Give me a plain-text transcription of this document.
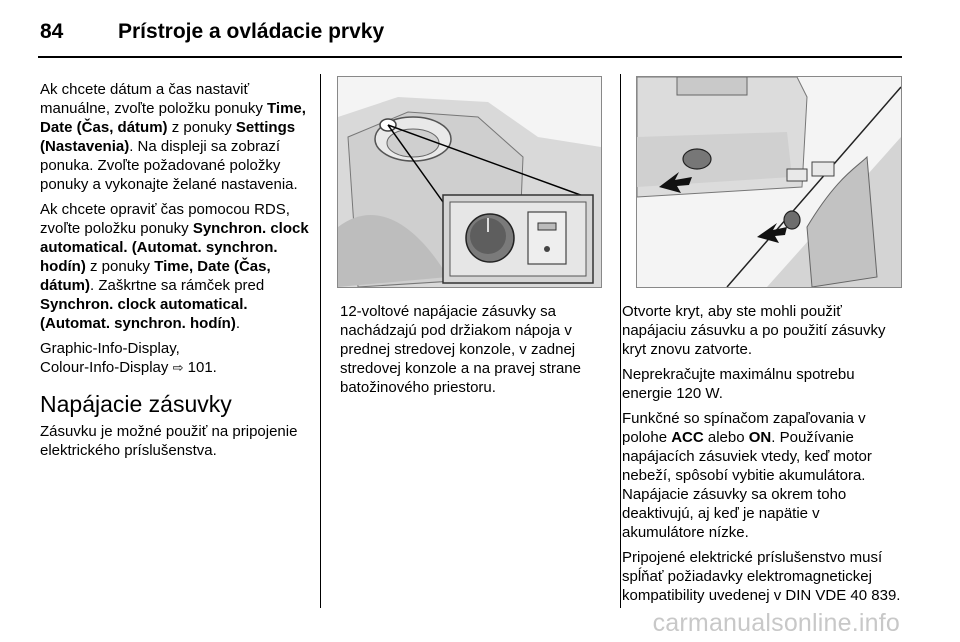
84	Prístroje a ovládacie prvky

Ak chcete dátum a čas nastaviť manuálne, zvoľte položku ponuky Time, Date (Čas, dátum) z ponuky Settings (Nastavenia). Na displeji sa zobrazí ponuka. Zvoľte požadované položky ponuky a vykonajte želané nastavenia.

Ak chcete opraviť čas pomocou RDS, zvoľte položku ponuky Synchron. clock automatical. (Automat. synchron. hodín) z ponuky Time, Date (Čas, dátum). Zaškrtne sa rámček pred Synchron. clock automatical. (Automat. synchron. hodín).

Graphic-Info-Display,
Colour-Info-Display ⇨ 101.

Napájacie zásuvky

Zásuvku je možné použiť na pripojenie elektrického príslušenstva.

12-voltové napájacie zásuvky sa nachádzajú pod držiakom nápoja v prednej stredovej konzole, v zadnej stredovej konzole a na pravej strane batožinového priestoru.

Otvorte kryt, aby ste mohli použiť napájaciu zásuvku a po použití zásuvky kryt znovu zatvorte.

Neprekračujte maximálnu spotrebu energie 120 W.

Funkčné so spínačom zapaľovania v polohe ACC alebo ON. Používanie napájacích zásuviek vtedy, keď motor nebeží, spôsobí vybitie akumulátora. Napájacie zásuvky sa okrem toho deaktivujú, aj keď je napätie v akumulátore nízke.

Pripojené elektrické príslušenstvo musí spĺňať požiadavky elektromagnetickej kompatibility uvedenej v DIN VDE 40 839.

carmanualsonline.info
